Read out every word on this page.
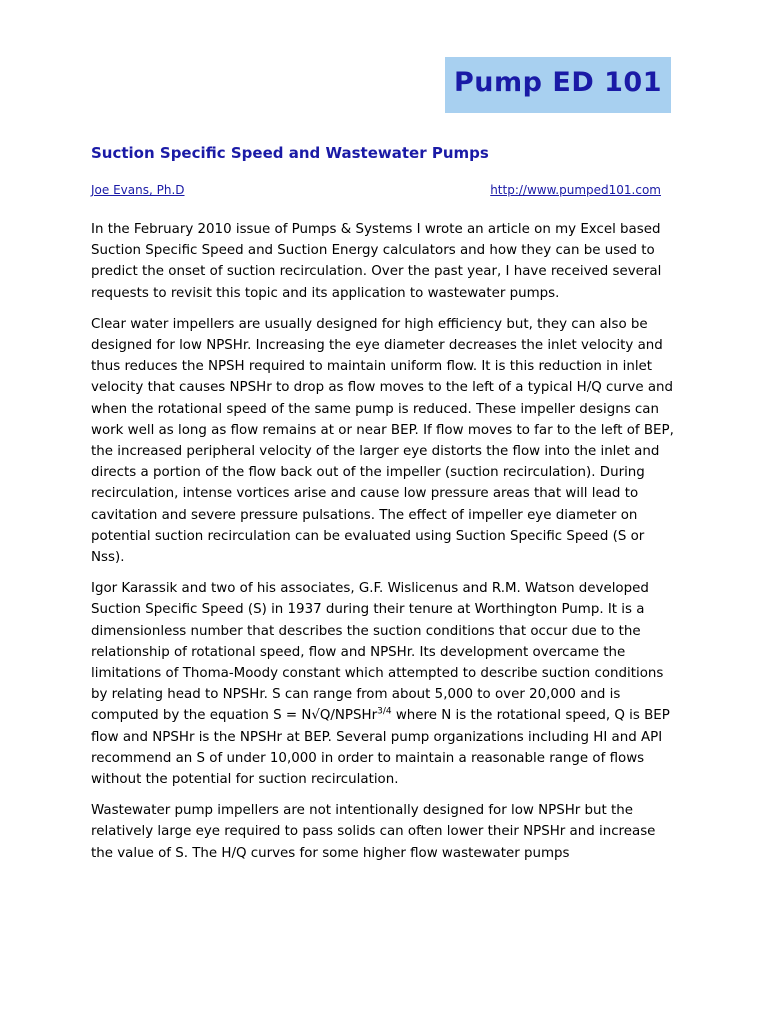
Pump ED 101
Suction Specific Speed and Wastewater Pumps
Joe Evans, Ph.D	http://www.pumped101.com

In the February 2010 issue of Pumps & Systems I wrote an article on my Excel based Suction Specific Speed and Suction Energy calculators and how they can be used to predict the onset of suction recirculation. Over the past year, I have received several requests to revisit this topic and its application to wastewater pumps.

Clear water impellers are usually designed for high efficiency but, they can also be designed for low NPSHr. Increasing the eye diameter decreases the inlet velocity and thus reduces the NPSH required to maintain uniform flow. It is this reduction in inlet velocity that causes NPSHr to drop as flow moves to the left of a typical H/Q curve and when the rotational speed of the same pump is reduced. These impeller designs can work well as long as flow remains at or near BEP. If flow moves to far to the left of BEP, the increased peripheral velocity of the larger eye distorts the flow into the inlet and directs a portion of the flow back out of the impeller (suction recirculation). During recirculation, intense vortices arise and cause low pressure areas that will lead to cavitation and severe pressure pulsations. The effect of impeller eye diameter on potential suction recirculation can be evaluated using Suction Specific Speed (S or Nss).

Igor Karassik and two of his associates, G.F. Wislicenus and R.M. Watson developed Suction Specific Speed (S) in 1937 during their tenure at Worthington Pump. It is a dimensionless number that describes the suction conditions that occur due to the relationship of rotational speed, flow and NPSHr. Its development overcame the limitations of Thoma-Moody constant which attempted to describe suction conditions by relating head to NPSHr. S can range from about 5,000 to over 20,000 and is computed by the equation S = N√Q/NPSHr$^{3/4}$ where N is the rotational speed, Q is BEP flow and NPSHr is the NPSHr at BEP. Several pump organizations including HI and API recommend an S of under 10,000 in order to maintain a reasonable range of flows without the potential for suction recirculation.

Wastewater pump impellers are not intentionally designed for low NPSHr but the relatively large eye required to pass solids can often lower their NPSHr and increase the value of S. The H/Q curves for some higher flow wastewater pumps
